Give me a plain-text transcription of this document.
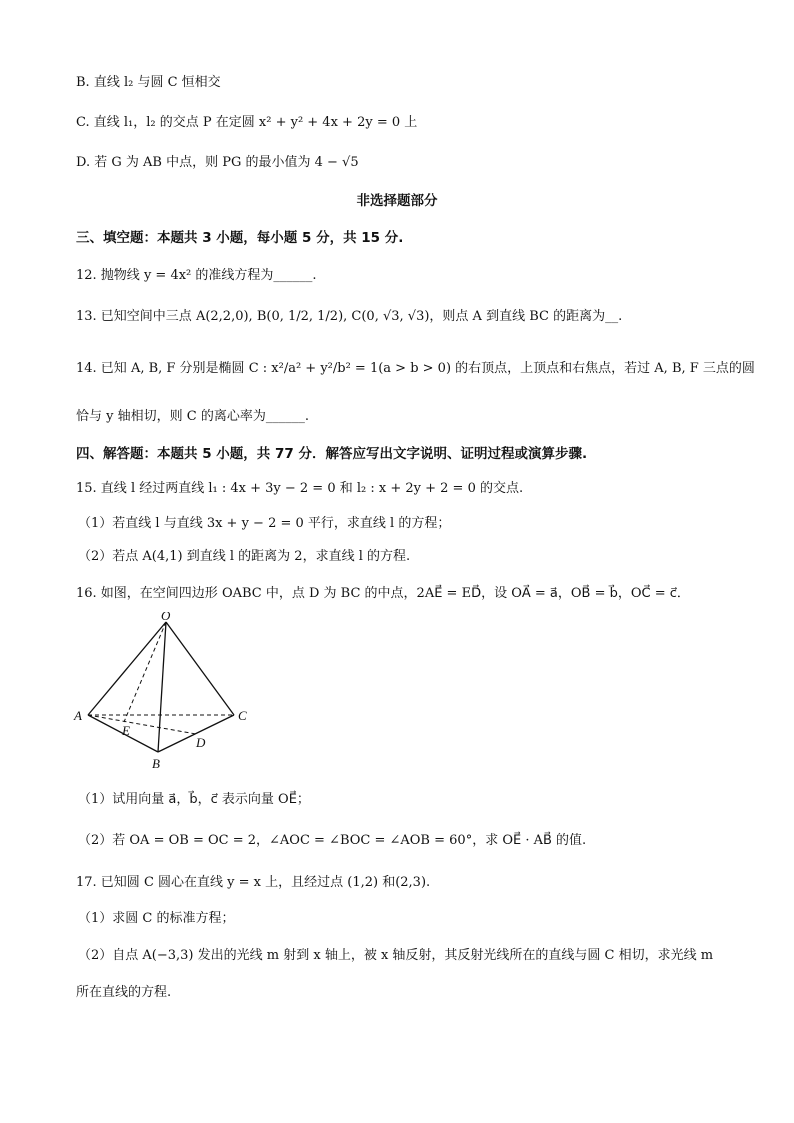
B. 直线 l₂ 与圆 C 恒相交
C. 直线 l₁，l₂ 的交点 P 在定圆 x² + y² + 4x + 2y = 0 上
D. 若 G 为 AB 中点，则 PG 的最小值为 4 − √5
非选择题部分
三、填空题：本题共 3 小题，每小题 5 分，共 15 分.
12. 抛物线 y = 4x² 的准线方程为______.
13. 已知空间中三点 A(2,2,0), B(0, 1/2, 1/2), C(0, √3, √3)，则点 A 到直线 BC 的距离为__.
14. 已知 A, B, F 分别是椭圆 C : x²/a² + y²/b² = 1(a > b > 0) 的右顶点，上顶点和右焦点，若过 A, B, F 三点的圆
恰与 y 轴相切，则 C 的离心率为______.
四、解答题：本题共 5 小题，共 77 分．解答应写出文字说明、证明过程或演算步骤.
15. 直线 l 经过两直线 l₁ : 4x + 3y − 2 = 0 和 l₂ : x + 2y + 2 = 0 的交点.
（1）若直线 l 与直线 3x + y − 2 = 0 平行，求直线 l 的方程；
（2）若点 A(4,1) 到直线 l 的距离为 2，求直线 l 的方程.
16. 如图，在空间四边形 OABC 中，点 D 为 BC 的中点，2AE⃗ = ED⃗，设 OA⃗ = a⃗，OB⃗ = b⃗，OC⃗ = c⃗．
O
A
B
C
D
E
（1）试用向量 a⃗，b⃗，c⃗ 表示向量 OE⃗；
（2）若 OA = OB = OC = 2，∠AOC = ∠BOC = ∠AOB = 60°，求 OE⃗ · AB⃗ 的值.
17. 已知圆 C 圆心在直线 y = x 上，且经过点 (1,2) 和(2,3).
（1）求圆 C 的标准方程；
（2）自点 A(−3,3) 发出的光线 m 射到 x 轴上，被 x 轴反射，其反射光线所在的直线与圆 C 相切，求光线 m
所在直线的方程.
